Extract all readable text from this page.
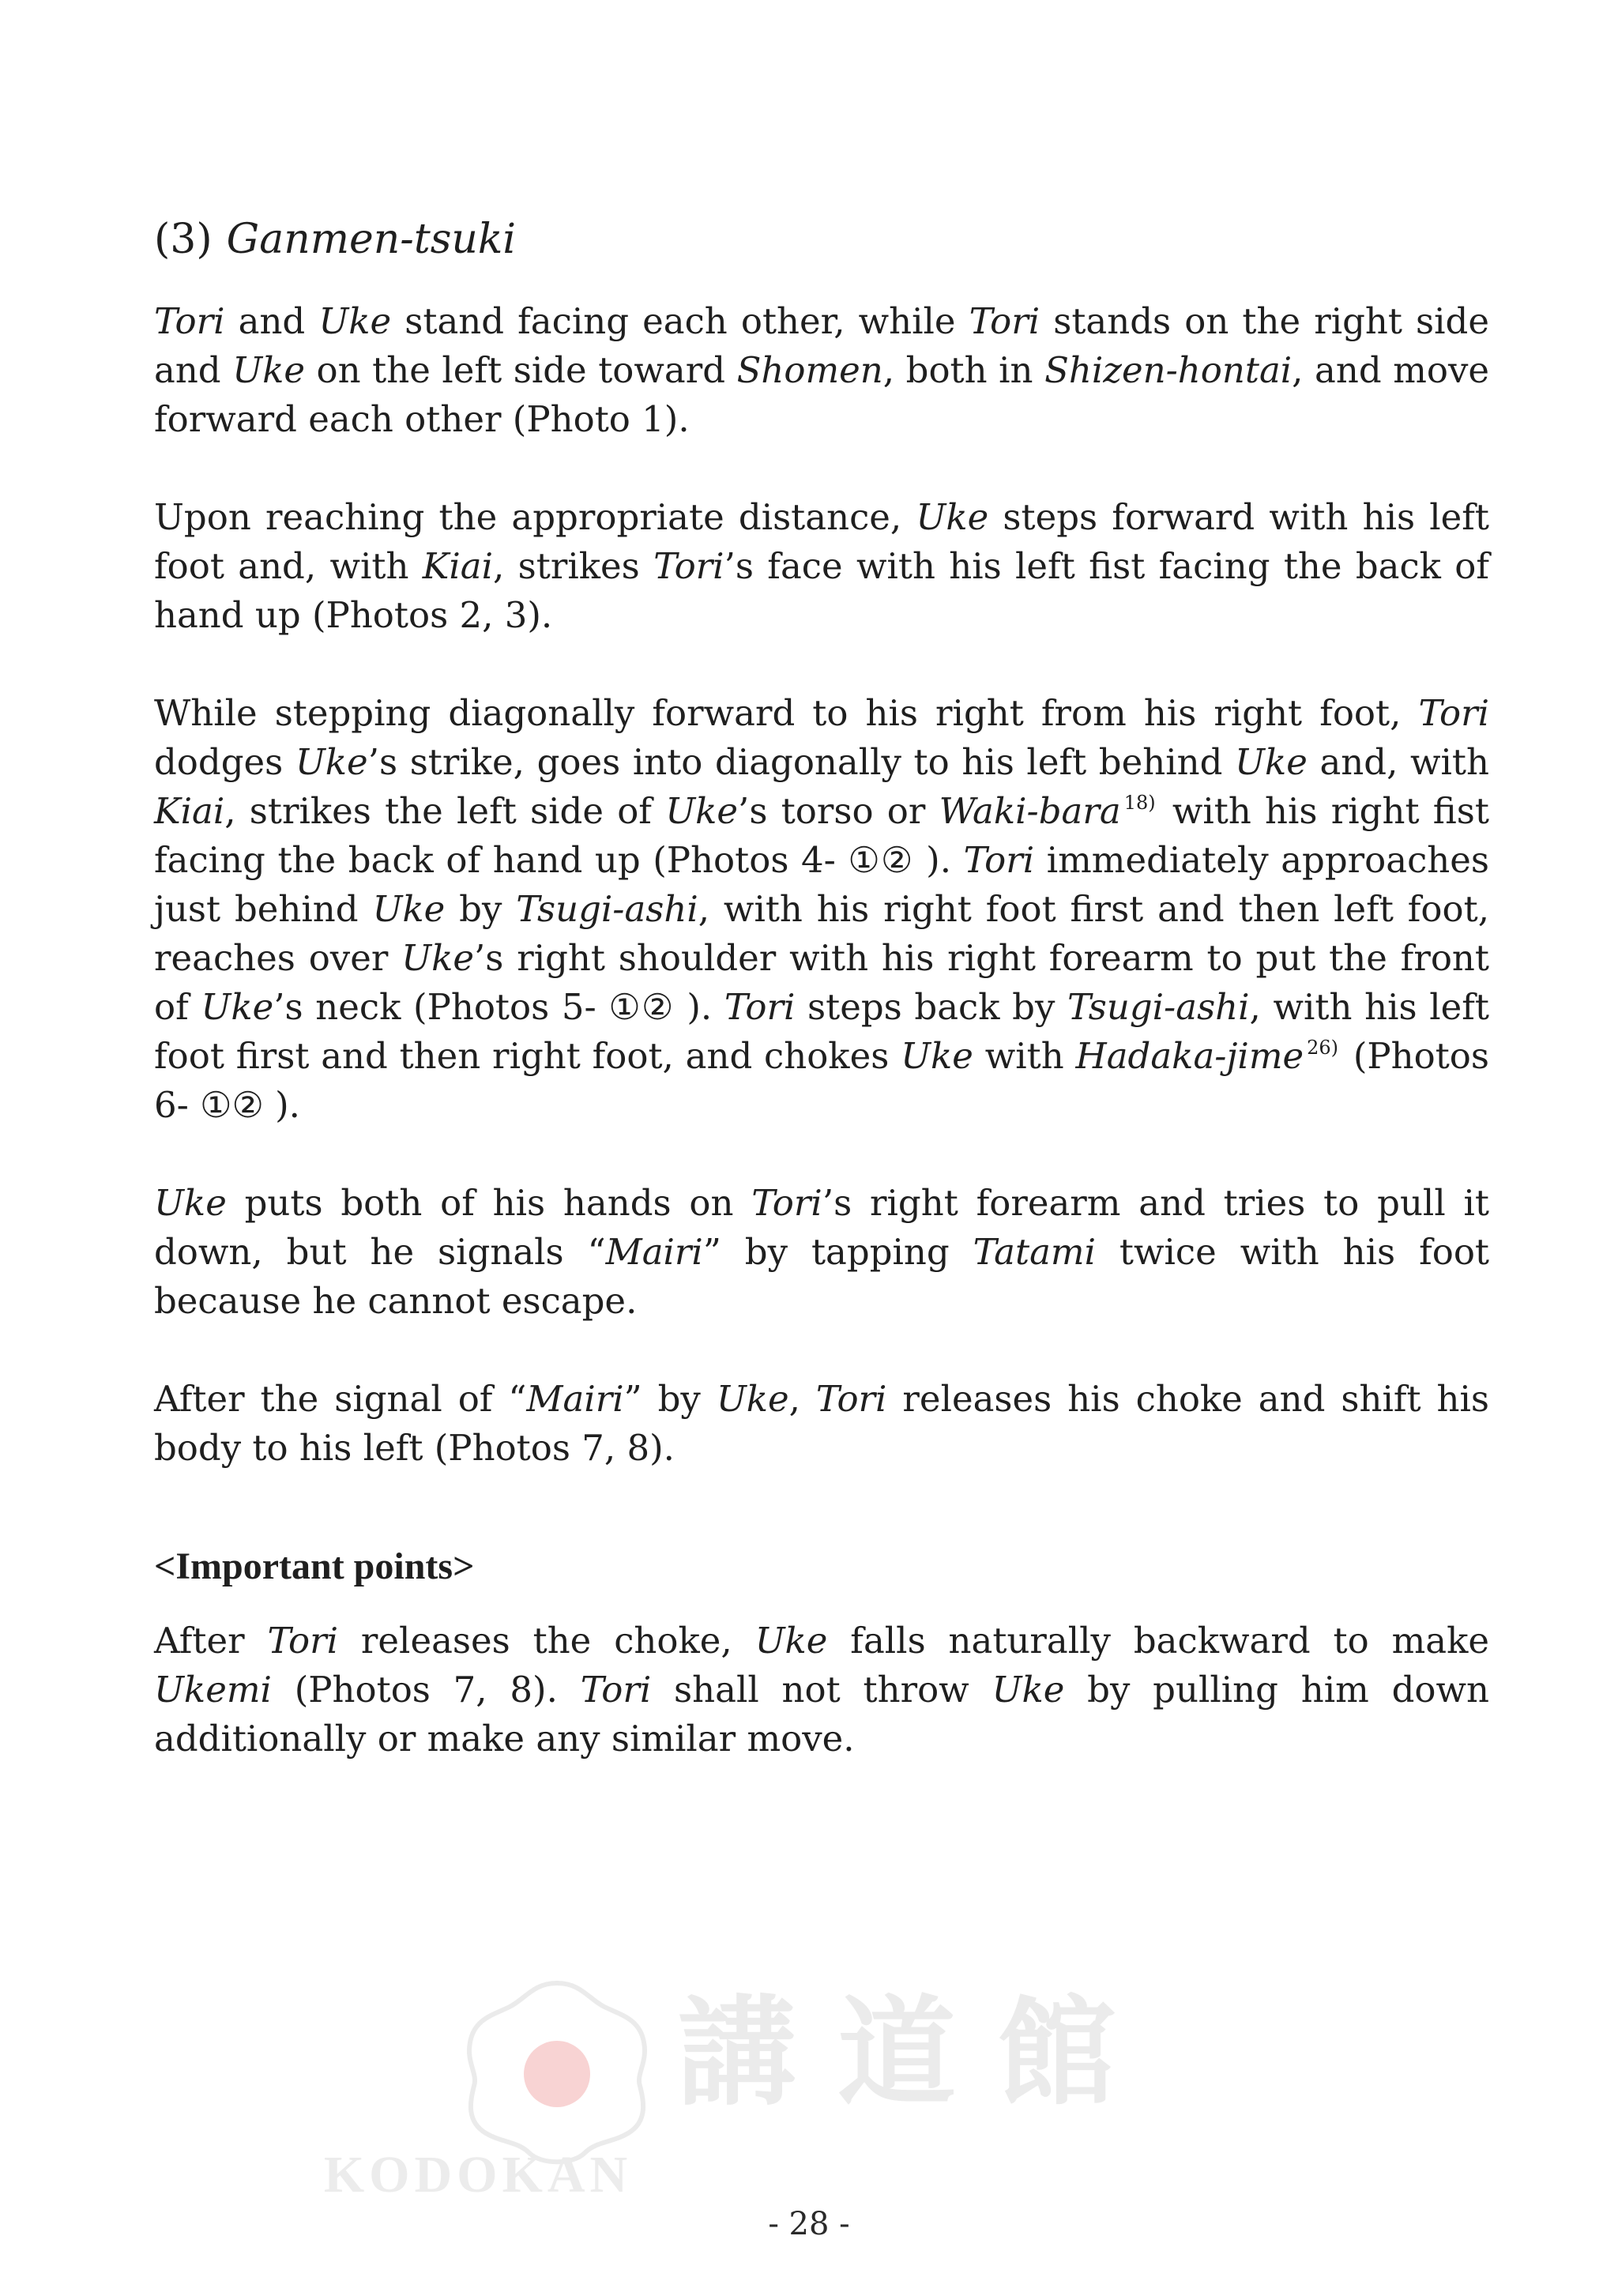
(3) Ganmen-tsuki

Tori and Uke stand facing each other, while Tori stands on the right side and Uke on the left side toward Shomen, both in Shizen-hontai, and move forward each other (Photo 1).

Upon reaching the appropriate distance, Uke steps forward with his left foot and, with Kiai, strikes Tori’s face with his left fist facing the back of hand up (Photos 2, 3).

While stepping diagonally forward to his right from his right foot, Tori dodges Uke’s strike, goes into diagonally to his left behind Uke and, with Kiai, strikes the left side of Uke’s torso or Waki-bara $^{18)}$ with his right fist facing the back of hand up (Photos 4- ①② ). Tori immediately approaches just behind Uke by Tsugi-ashi, with his right foot first and then left foot, reaches over Uke’s right shoulder with his right forearm to put the front of Uke’s neck (Photos 5- ①② ). Tori steps back by Tsugi-ashi, with his left foot first and then right foot, and chokes Uke with Hadaka-jime $^{26)}$ (Photos 6- ①② ).

Uke puts both of his hands on Tori’s right forearm and tries to pull it down, but he signals “Mairi” by tapping Tatami twice with his foot because he cannot escape.

After the signal of “Mairi” by Uke, Tori releases his choke and shift his body to his left (Photos 7, 8).

<Important points>

After Tori releases the choke, Uke falls naturally backward to make Ukemi (Photos 7, 8). Tori shall not throw Uke by pulling him down additionally or make any similar move.

講 道 館
KODOKAN
- 28 -
